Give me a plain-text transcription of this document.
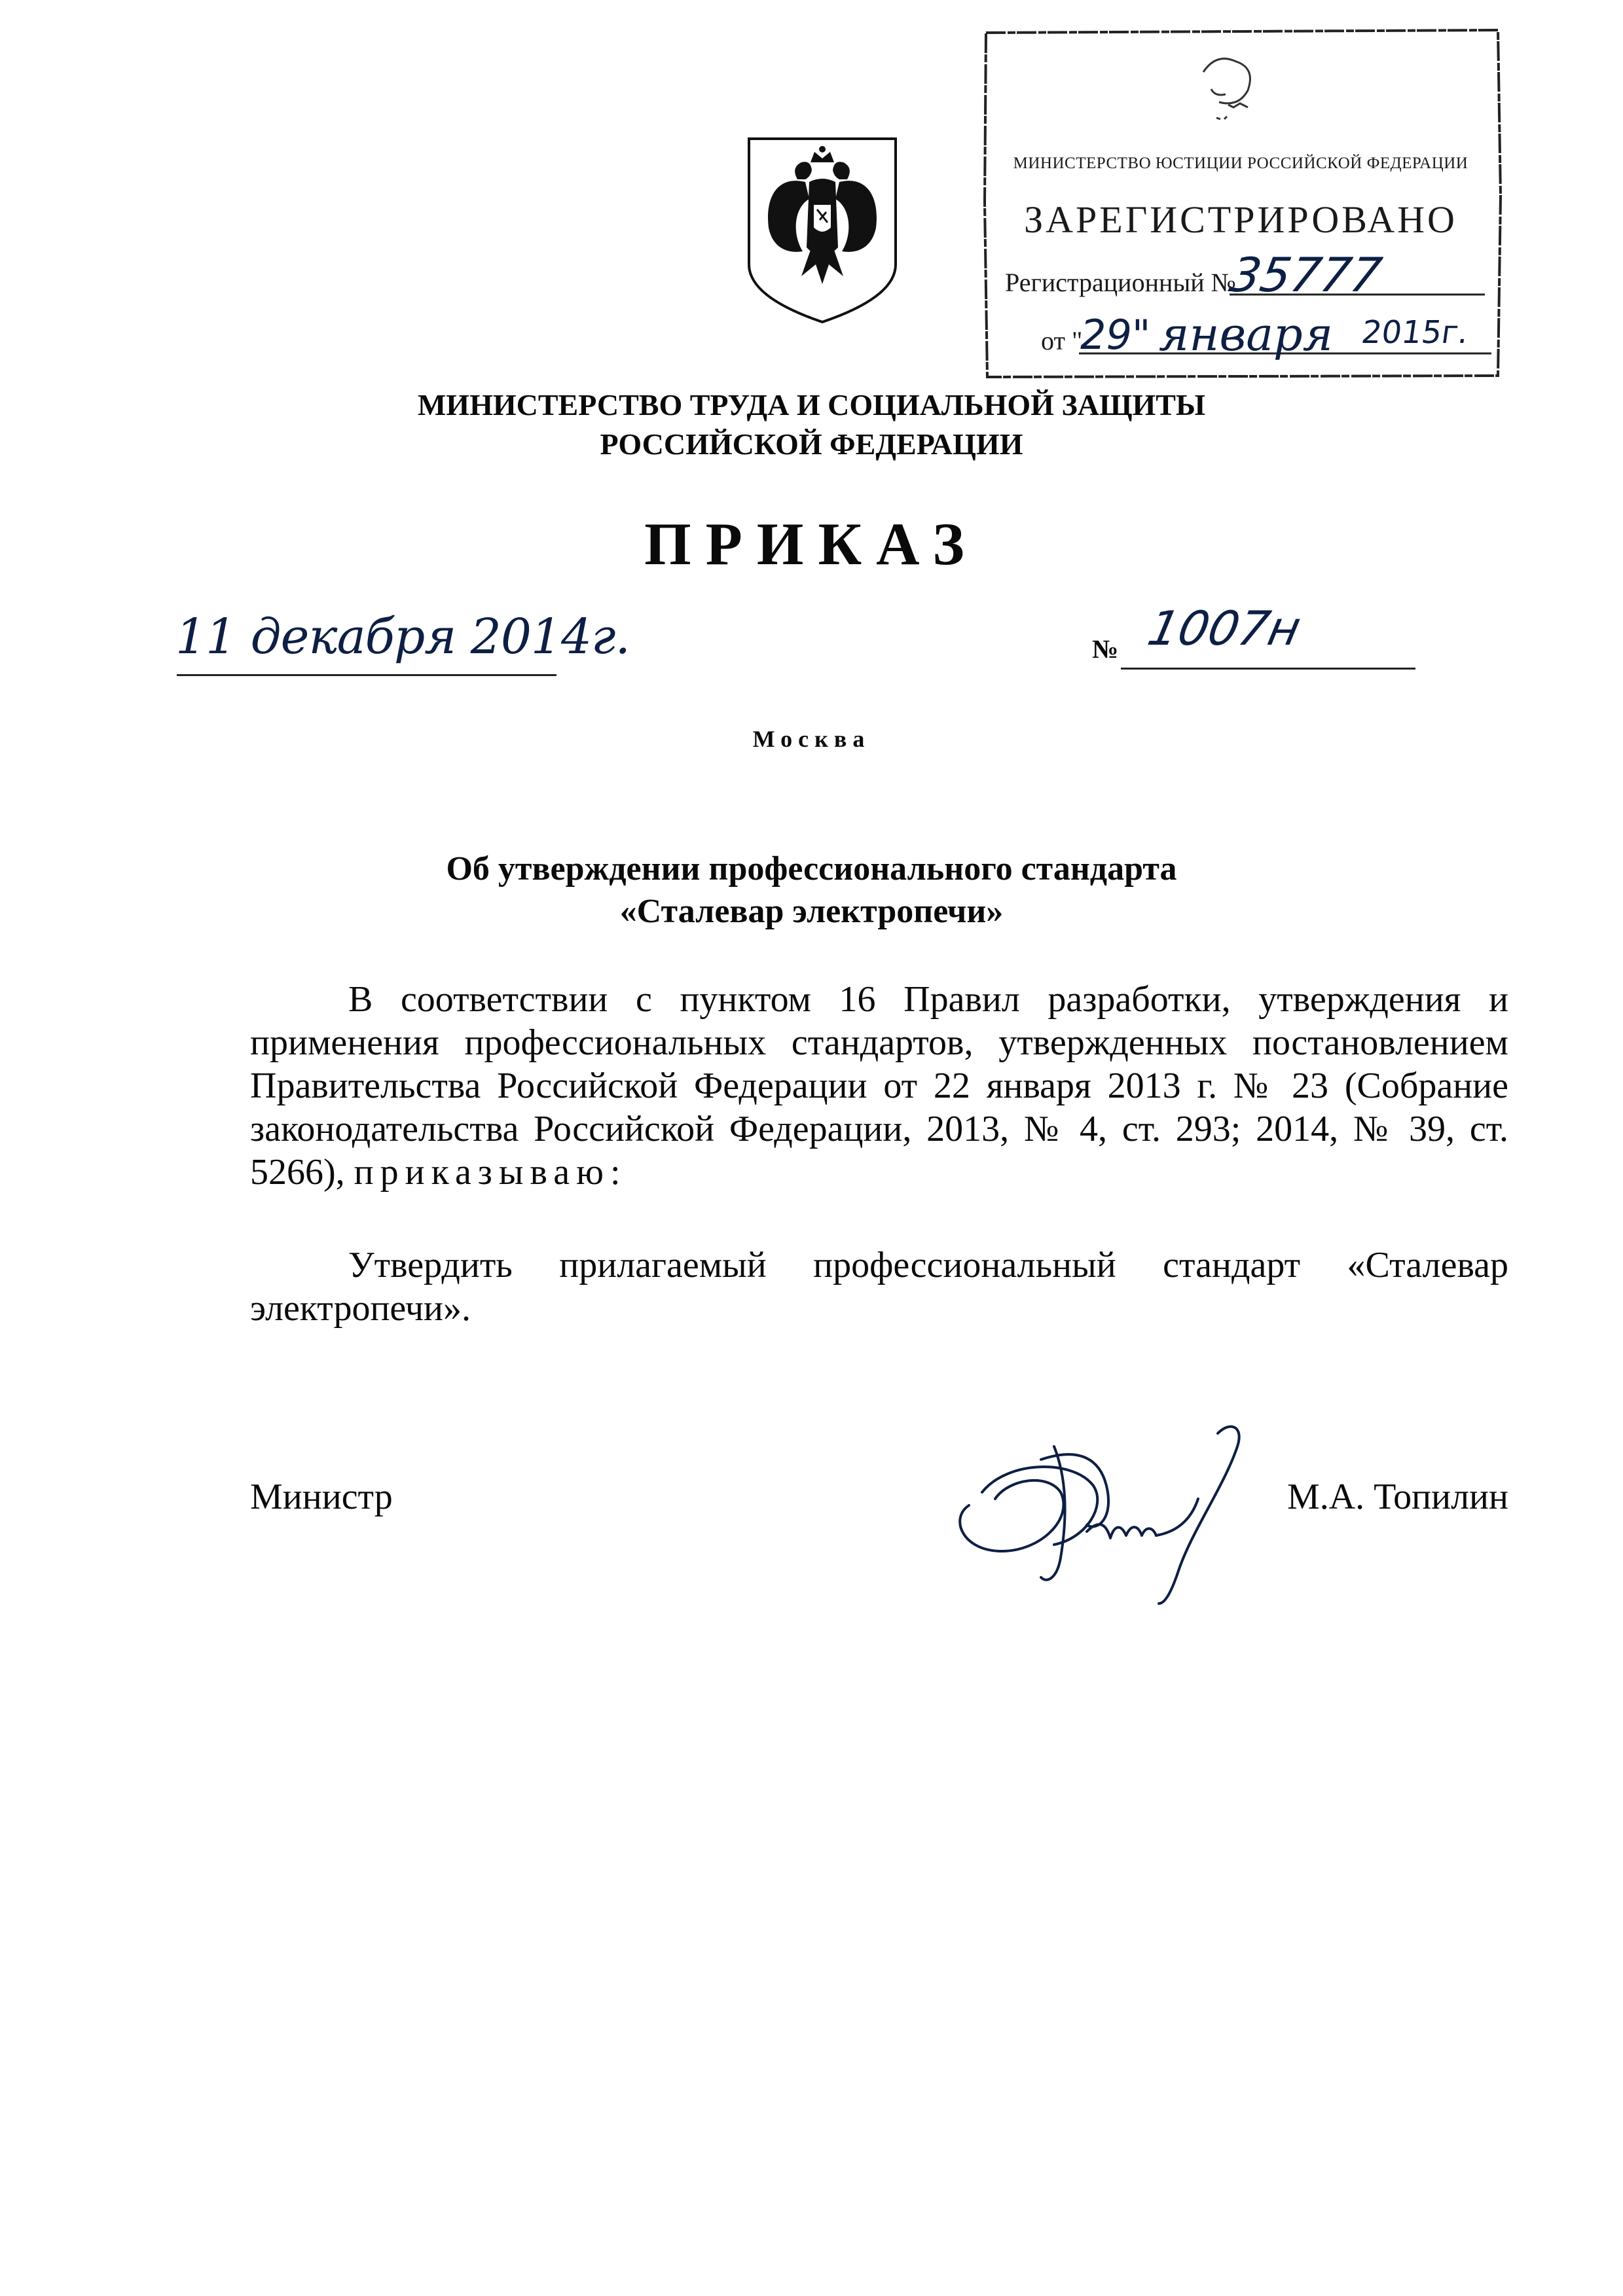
МИНИСТЕРСТВО ЮСТИЦИИ РОССИЙСКОЙ ФЕДЕРАЦИИ
ЗАРЕГИСТРИРОВАНО
Регистрационный №
35777
от "
29" января 2015г.
МИНИСТЕРСТВО ТРУДА И СОЦИАЛЬНОЙ ЗАЩИТЫ
РОССИЙСКОЙ ФЕДЕРАЦИИ
ПРИКАЗ
11 декабря 2014г.	№ 1007н
Москва
Об утверждении профессионального стандарта
«Сталевар электропечи»
В соответствии с пунктом 16 Правил разработки, утверждения и применения профессиональных стандартов, утвержденных постановлением Правительства Российской Федерации от 22 января 2013 г. № 23 (Собрание законодательства Российской Федерации, 2013, № 4, ст. 293; 2014, № 39, ст. 5266), приказываю:
Утвердить прилагаемый профессиональный стандарт «Сталевар электропечи».
Министр	М.А. Топилин
